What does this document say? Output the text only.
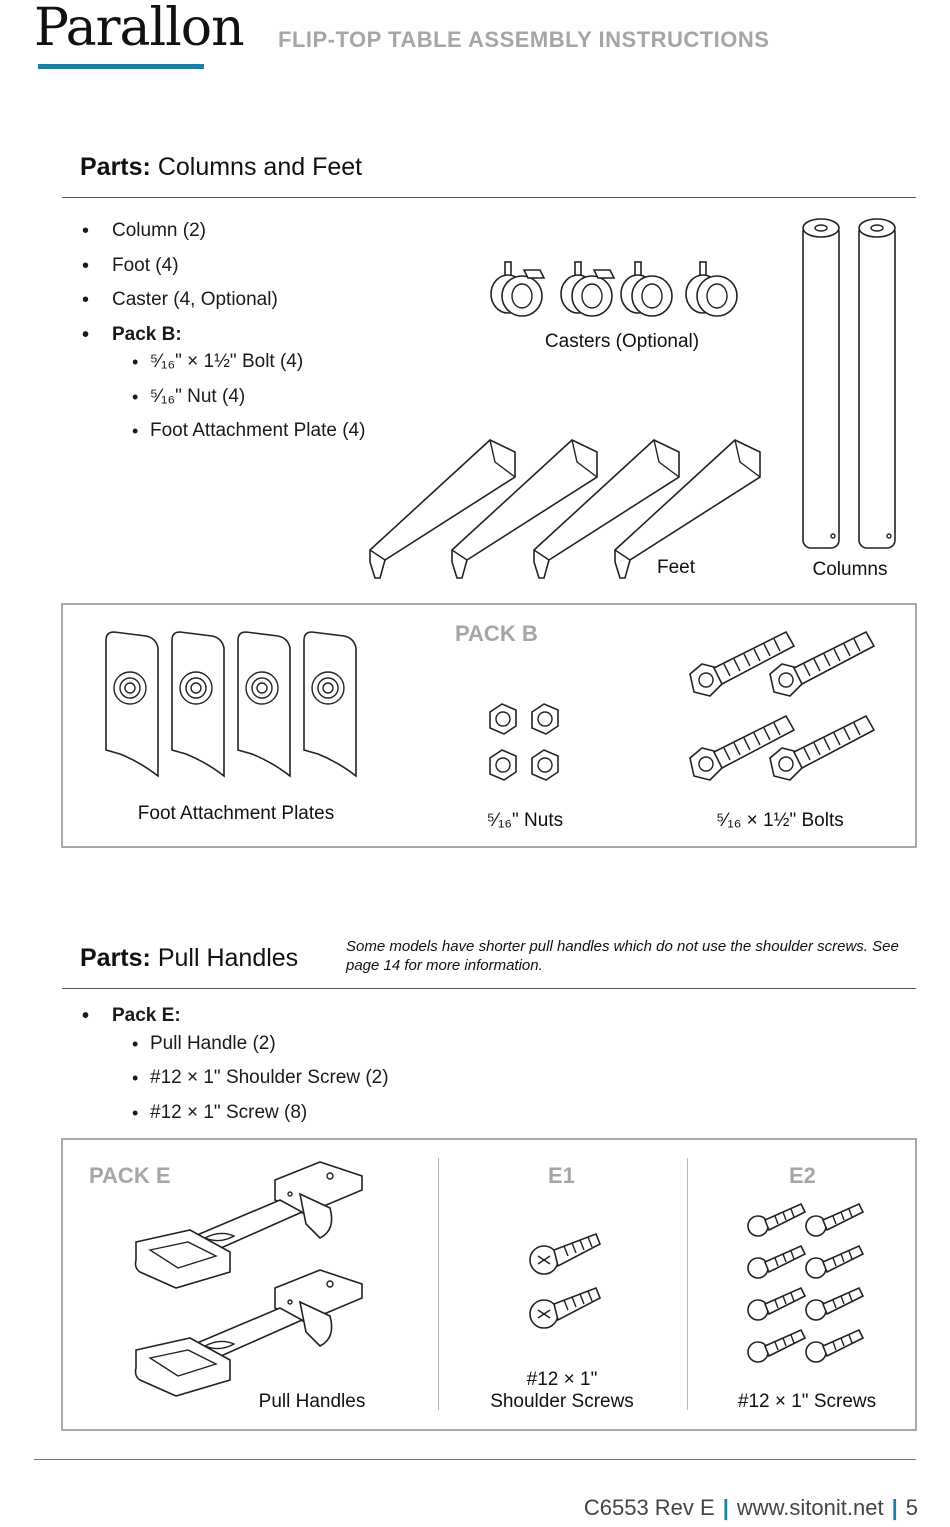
Parallon FLIP-TOP TABLE ASSEMBLY INSTRUCTIONS
Parts: Columns and Feet
• Column (2)
• Foot (4)
• Caster (4, Optional)
• Pack B:
• ⁵⁄₁₆" × 1½" Bolt (4)
• ⁵⁄₁₆" Nut (4)
• Foot Attachment Plate (4)
Casters (Optional)
Feet	Columns
PACK B
Foot Attachment Plates	⁵⁄₁₆" Nuts	⁵⁄₁₆ × 1½" Bolts
Parts: Pull Handles	Some models have shorter pull handles which do not use the shoulder screws. See page 14 for more information.
• Pack E:
• Pull Handle (2)
• #12 × 1" Shoulder Screw (2)
• #12 × 1" Screw (8)
PACK E
Pull Handles
E1
#12 × 1"
Shoulder Screws
E2
#12 × 1" Screws
C6553 Rev E | www.sitonit.net | 5
